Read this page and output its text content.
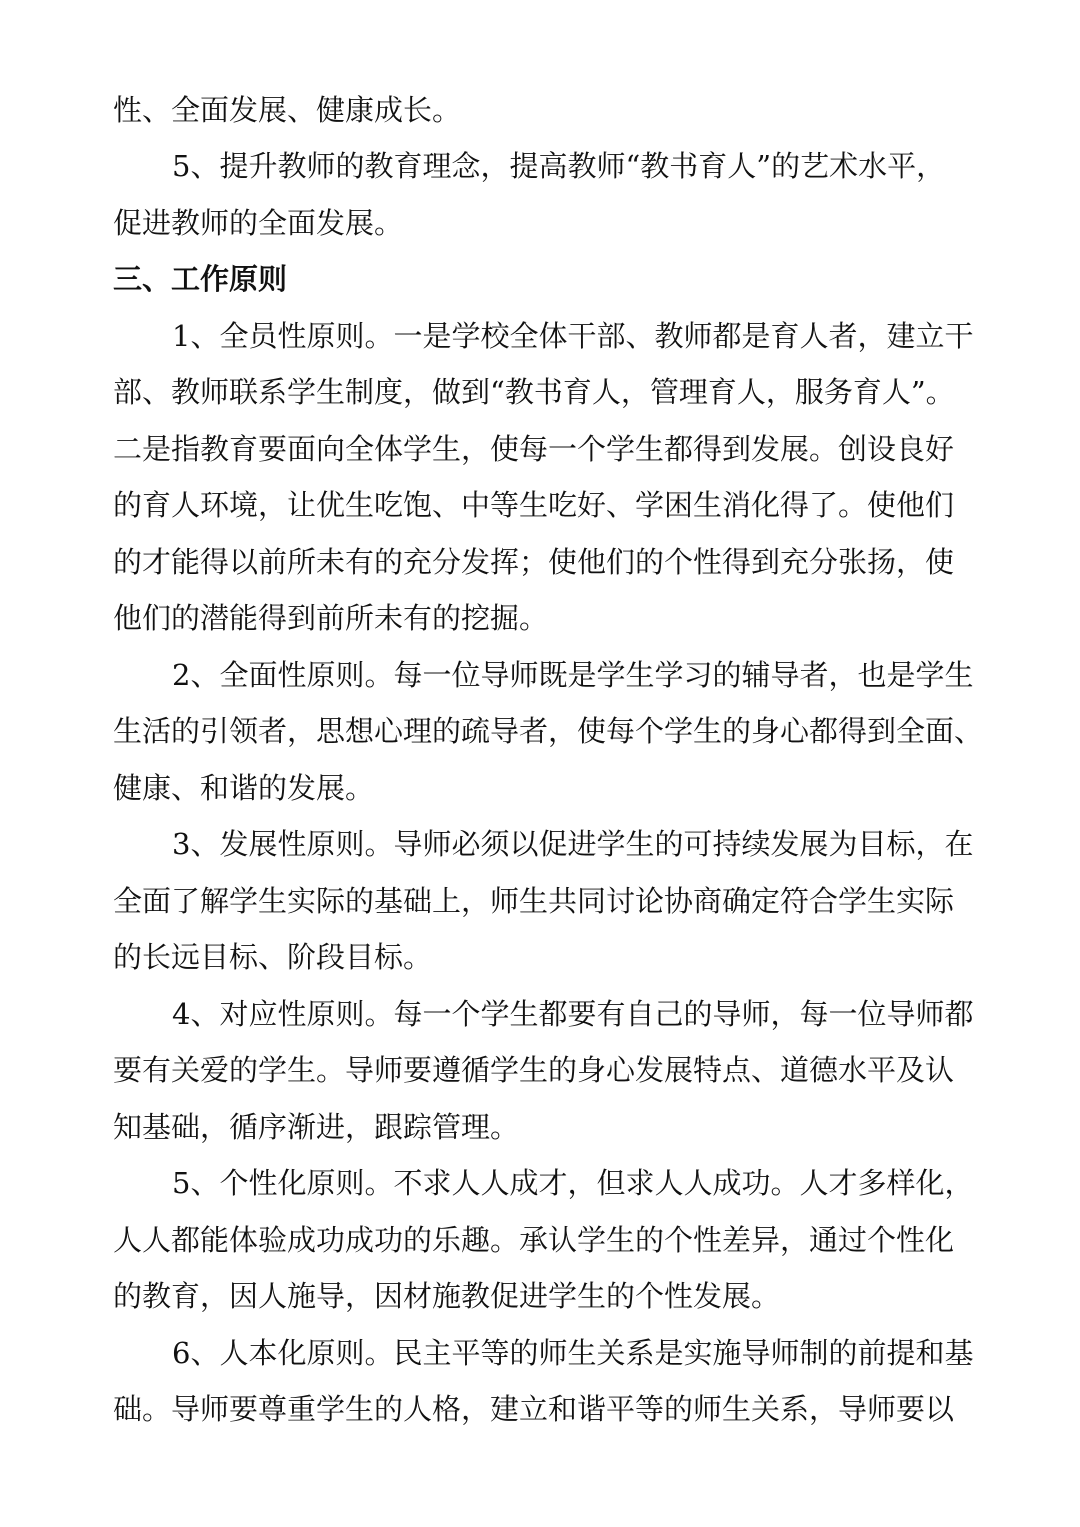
性、全面发展、健康成长。

5、提升教师的教育理念，提高教师“教书育人”的艺术水平，

促进教师的全面发展。

三、工作原则

1、全员性原则。一是学校全体干部、教师都是育人者，建立干

部、教师联系学生制度，做到“教书育人，管理育人，服务育人”。

二是指教育要面向全体学生，使每一个学生都得到发展。创设良好

的育人环境，让优生吃饱、中等生吃好、学困生消化得了。使他们

的才能得以前所未有的充分发挥；使他们的个性得到充分张扬，使

他们的潜能得到前所未有的挖掘。

2、全面性原则。每一位导师既是学生学习的辅导者，也是学生

生活的引领者，思想心理的疏导者，使每个学生的身心都得到全面、

健康、和谐的发展。

3、发展性原则。导师必须以促进学生的可持续发展为目标，在

全面了解学生实际的基础上，师生共同讨论协商确定符合学生实际

的长远目标、阶段目标。

4、对应性原则。每一个学生都要有自己的导师，每一位导师都

要有关爱的学生。导师要遵循学生的身心发展特点、道德水平及认

知基础，循序渐进，跟踪管理。

5、个性化原则。不求人人成才，但求人人成功。人才多样化，

人人都能体验成功成功的乐趣。承认学生的个性差异，通过个性化

的教育，因人施导，因材施教促进学生的个性发展。

6、人本化原则。民主平等的师生关系是实施导师制的前提和基

础。导师要尊重学生的人格，建立和谐平等的师生关系，导师要以
